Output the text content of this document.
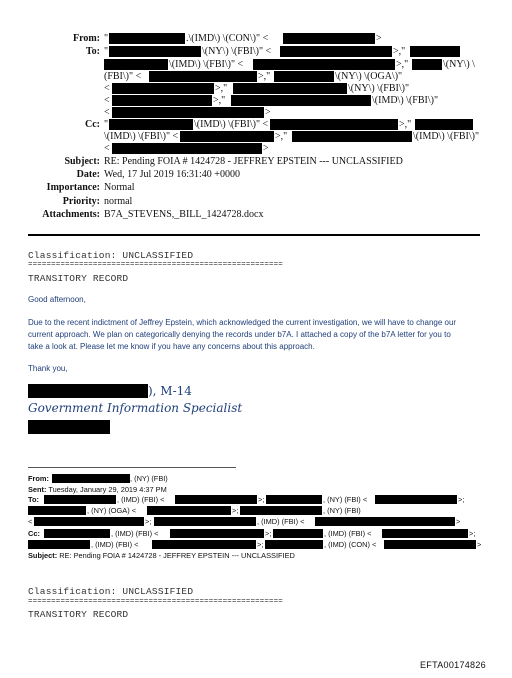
From: "	.\(IMD\) \(CON\)" <	>
To: "	\(NY\) \(FBI\)" <	>,"
\(IMD\) \(FBI\)" <	>,"	\(NY\) \
(FBI\)" <	>,"	\(NY\) \(OGA\)"
<	>,"	\(NY\) \(FBI\)"
<	>,"	\(IMD\) \(FBI\)"
<	>
Cc: "	\(IMD\) \(FBI\)" <	>,"
\(IMD\) \(FBI\)" <	>,"	\(IMD\) \(FBI\)"
<	>
Subject: RE: Pending FOIA # 1424728 - JEFFREY EPSTEIN --- UNCLASSIFIED
Date: Wed, 17 Jul 2019 16:31:40 +0000
Importance: Normal
Priority: normal
Attachments: B7A_STEVENS,_BILL_1424728.docx
Classification: UNCLASSIFIED
=======================================================
TRANSITORY RECORD
Good afternoon,
Due to the recent indictment of Jeffrey Epstein, which acknowledged the current investigation, we will have to change our
current approach. We plan on categorically denying the records under b7A. I attached a copy of the b7A letter for you to
take a look at. Please let me know if you have any concerns about this approach.
Thank you,
), M-14
Government Information Specialist
From:	, (NY) (FBI)
Sent: Tuesday, January 29, 2019 4:37 PM
To:	, (IMD) (FBI) <	>;	, (NY) (FBI) <	>;
, (NY) (OGA) <	>;	, (NY) (FBI)
<	>;	, (IMD) (FBI) <	>
Cc:	, (IMD) (FBI) <	>;	, (IMD) (FBI) <	>;
, (IMD) (FBI) <	>;	, (IMD) (CON) <	>
Subject: RE: Pending FOIA # 1424728 - JEFFREY EPSTEIN --- UNCLASSIFIED
Classification: UNCLASSIFIED
=======================================================
TRANSITORY RECORD
EFTA00174826
